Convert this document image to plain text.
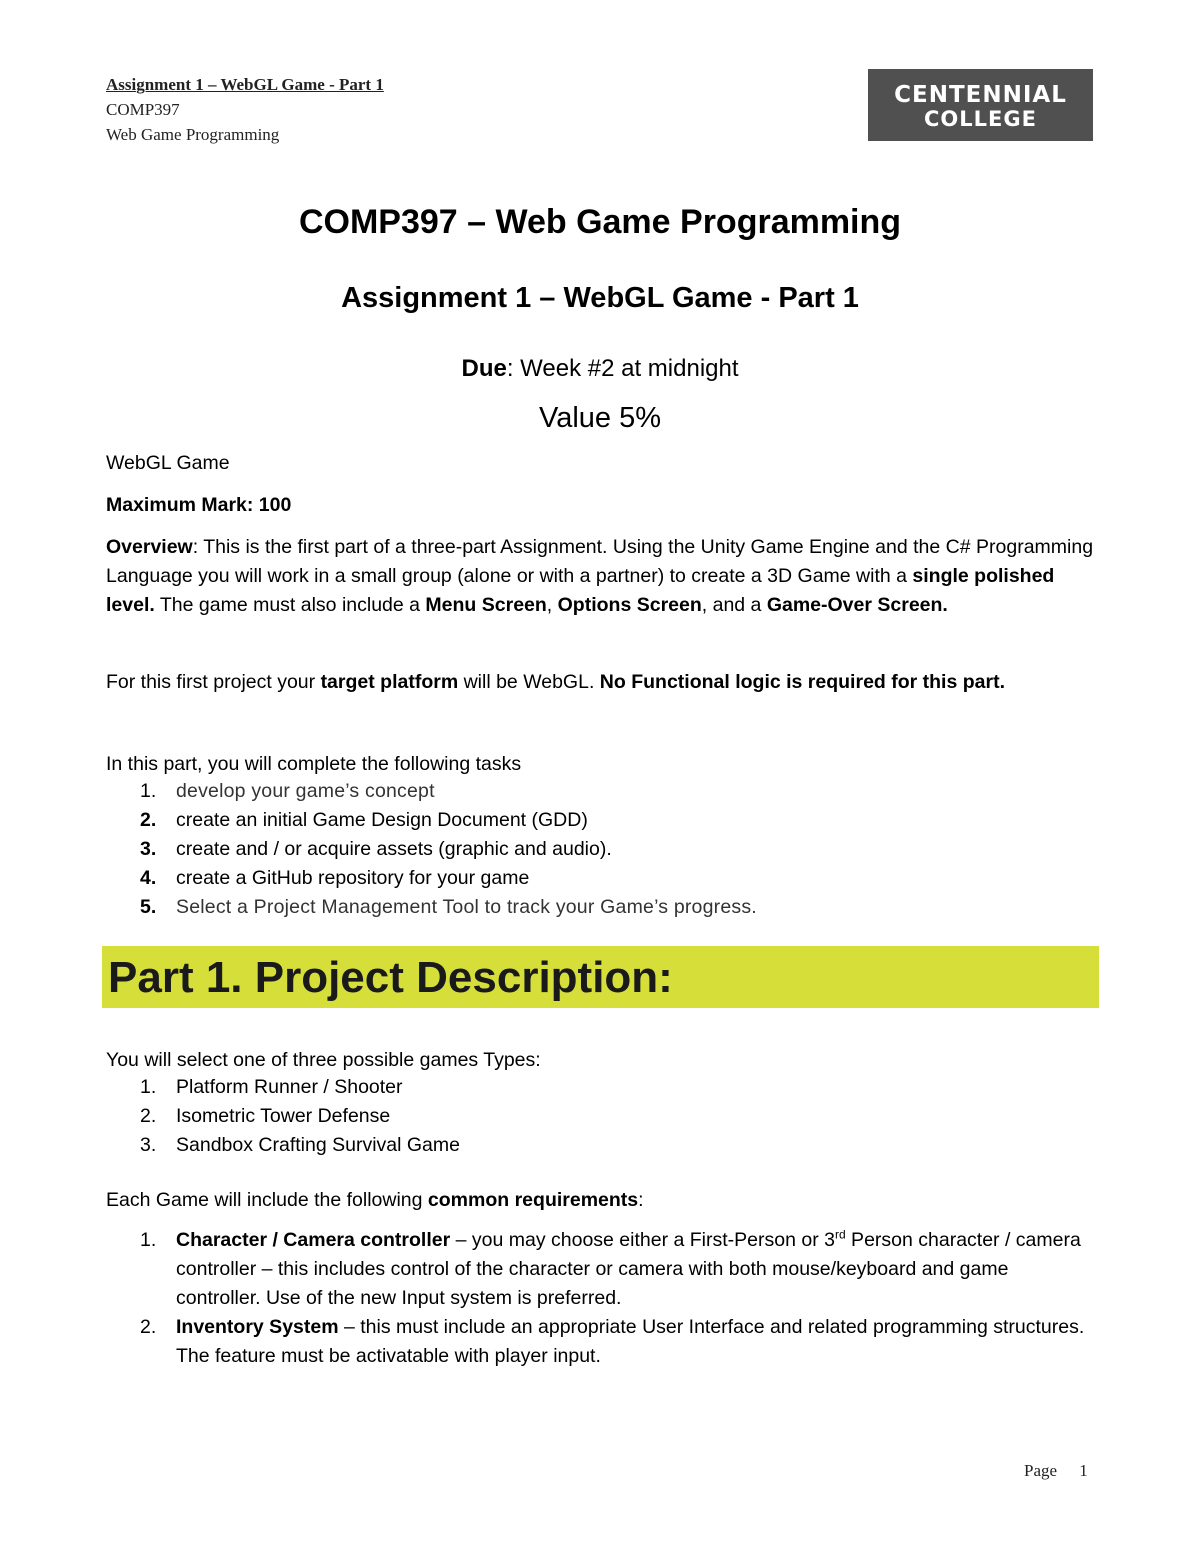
Assignment 1 – WebGL Game - Part 1
COMP397
Web Game Programming
CENTENNIAL
COLLEGE
COMP397 – Web Game Programming
Assignment 1 – WebGL Game - Part 1
Due: Week #2 at midnight
Value 5%
WebGL Game
Maximum Mark: 100
Overview: This is the first part of a three-part Assignment. Using the Unity Game Engine and the C# Programming Language you will work in a small group (alone or with a partner) to create a 3D Game with a single polished level. The game must also include a Menu Screen, Options Screen, and a Game-Over Screen.
For this first project your target platform will be WebGL. No Functional logic is required for this part.
In this part, you will complete the following tasks
1. develop your game’s concept
2. create an initial Game Design Document (GDD)
3. create and / or acquire assets (graphic and audio).
4. create a GitHub repository for your game
5. Select a Project Management Tool to track your Game’s progress.
Part 1. Project Description:
You will select one of three possible games Types:
1. Platform Runner / Shooter
2. Isometric Tower Defense
3. Sandbox Crafting Survival Game
Each Game will include the following common requirements:
1. Character / Camera controller – you may choose either a First-Person or 3rd Person character / camera controller – this includes control of the character or camera with both mouse/keyboard and game controller. Use of the new Input system is preferred.
2. Inventory System – this must include an appropriate User Interface and related programming structures. The feature must be activatable with player input.
Page 1
